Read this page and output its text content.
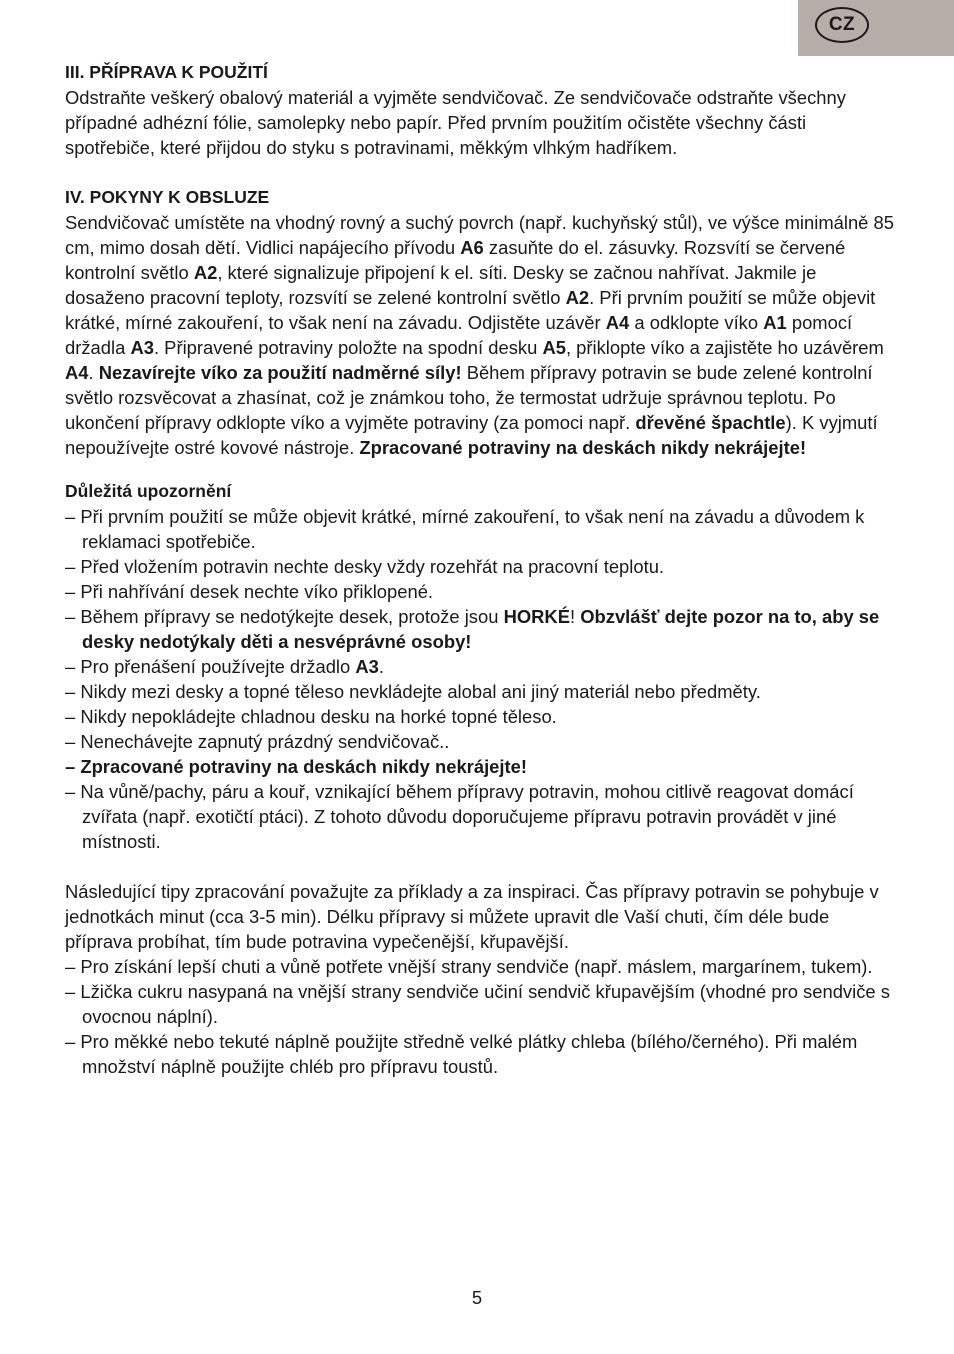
CZ

III. PŘÍPRAVA K POUŽITÍ

Odstraňte veškerý obalový materiál a vyjměte sendvičovač. Ze sendvičovače odstraňte všechny případné adhézní fólie, samolepky nebo papír. Před prvním použitím očistěte všechny části spotřebiče, které přijdou do styku s potravinami, měkkým vlhkým hadříkem.

IV. POKYNY K OBSLUZE

Sendvičovač umístěte na vhodný rovný a suchý povrch (např. kuchyňský stůl), ve výšce minimálně 85 cm, mimo dosah dětí. Vidlici napájecího přívodu A6 zasuňte do el. zásuvky. Rozsvítí se červené kontrolní světlo A2, které signalizuje připojení k el. síti. Desky se začnou nahřívat. Jakmile je dosaženo pracovní teploty, rozsvítí se zelené kontrolní světlo A2. Při prvním použití se může objevit krátké, mírné zakouření, to však není na závadu. Odjistěte uzávěr A4 a odklopte víko A1 pomocí držadla A3. Připravené potraviny položte na spodní desku A5, přiklopte víko a zajistěte ho uzávěrem A4. Nezavírejte víko za použití nadměrné síly! Během přípravy potravin se bude zelené kontrolní světlo rozsvěcovat a zhasínat, což je známkou toho, že termostat udržuje správnou teplotu. Po ukončení přípravy odklopte víko a vyjměte potraviny (za pomoci např. dřevěné špachtle). K vyjmutí nepoužívejte ostré kovové nástroje. Zpracované potraviny na deskách nikdy nekrájejte!

Důležitá upozornění

– Při prvním použití se může objevit krátké, mírné zakouření, to však není na závadu a důvodem k reklamaci spotřebiče.

– Před vložením potravin nechte desky vždy rozehřát na pracovní teplotu.

– Při nahřívání desek nechte víko přiklopené.

– Během přípravy se nedotýkejte desek, protože jsou HORKÉ! Obzvlášť dejte pozor na to, aby se desky nedotýkaly děti a nesvéprávné osoby!

– Pro přenášení používejte držadlo A3.

– Nikdy mezi desky a topné těleso nevkládejte alobal ani jiný materiál nebo předměty.

– Nikdy nepokládejte chladnou desku na horké topné těleso.

– Nenechávejte zapnutý prázdný sendvičovač..

– Zpracované potraviny na deskách nikdy nekrájejte!

– Na vůně/pachy, páru a kouř, vznikající během přípravy potravin, mohou citlivě reagovat domácí zvířata (např. exotičtí ptáci). Z tohoto důvodu doporučujeme přípravu potravin provádět v jiné místnosti.

Následující tipy zpracování považujte za příklady a za inspiraci. Čas přípravy potravin se pohybuje v jednotkách minut (cca 3-5 min). Délku přípravy si můžete upravit dle Vaší chuti, čím déle bude příprava probíhat, tím bude potravina vypečenější, křupavější.

– Pro získání lepší chuti a vůně potřete vnější strany sendviče (např. máslem, margarínem, tukem).

– Lžička cukru nasypaná na vnější strany sendviče učiní sendvič křupavějším (vhodné pro sendviče s ovocnou náplní).

– Pro měkké nebo tekuté náplně použijte středně velké plátky chleba (bílého/černého). Při malém množství náplně použijte chléb pro přípravu toustů.

5
